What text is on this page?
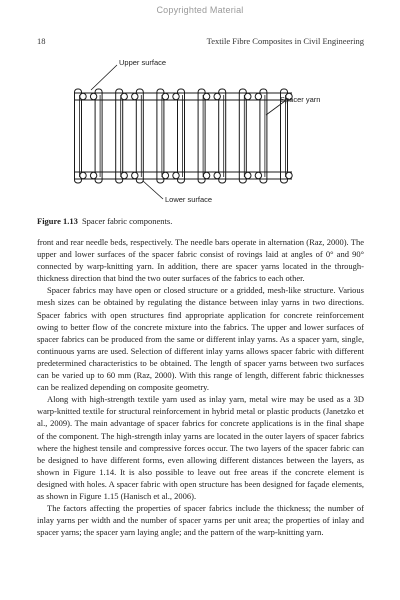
Copyrighted Material
18	Textile Fibre Composites in Civil Engineering
Upper surface
Spacer yarn
Lower surface
Figure 1.13 Spacer fabric components.

front and rear needle beds, respectively. The needle bars operate in alternation (Raz, 2000). The upper and lower surfaces of the spacer fabric consist of rovings laid at angles of 0° and 90° connected by warp-knitting yarn. In addition, there are spacer yarns located in the through-thickness direction that bind the two outer surfaces of the fabrics to each other.

Spacer fabrics may have open or closed structure or a gridded, mesh-like structure. Various mesh sizes can be obtained by regulating the distance between inlay yarns in two directions. Spacer fabrics with open structures find appropriate application for concrete reinforcement owing to better flow of the concrete mixture into the fabrics. The upper and lower surfaces of spacer fabrics can be produced from the same or different inlay yarns. As a spacer yarn, single, continuous yarns are used. Selection of different inlay yarns allows spacer fabric with different predetermined characteristics to be obtained. The length of spacer yarns between two surfaces can be varied up to 60 mm (Raz, 2000). With this range of length, different fabric thicknesses can be realized depending on composite geometry.

Along with high-strength textile yarn used as inlay yarn, metal wire may be used as a 3D warp-knitted textile for structural reinforcement in hybrid metal or plastic products (Janetzko et al., 2009). The main advantage of spacer fabrics for concrete applications is in the final shape of the component. The high-strength inlay yarns are located in the outer layers of spacer fabrics where the highest tensile and compressive forces occur. The two layers of the spacer fabric can be designed to have different forms, even allowing different distances between the layers, as shown in Figure 1.14. It is also possible to leave out free areas if the concrete element is designed with holes. A spacer fabric with open structure has been designed for façade elements, as shown in Figure 1.15 (Hanisch et al., 2006).

The factors affecting the properties of spacer fabrics include the thickness; the number of inlay yarns per width and the number of spacer yarns per unit area; the properties of inlay and spacer yarns; the spacer yarn laying angle; and the pattern of the warp-knitting yarn.
